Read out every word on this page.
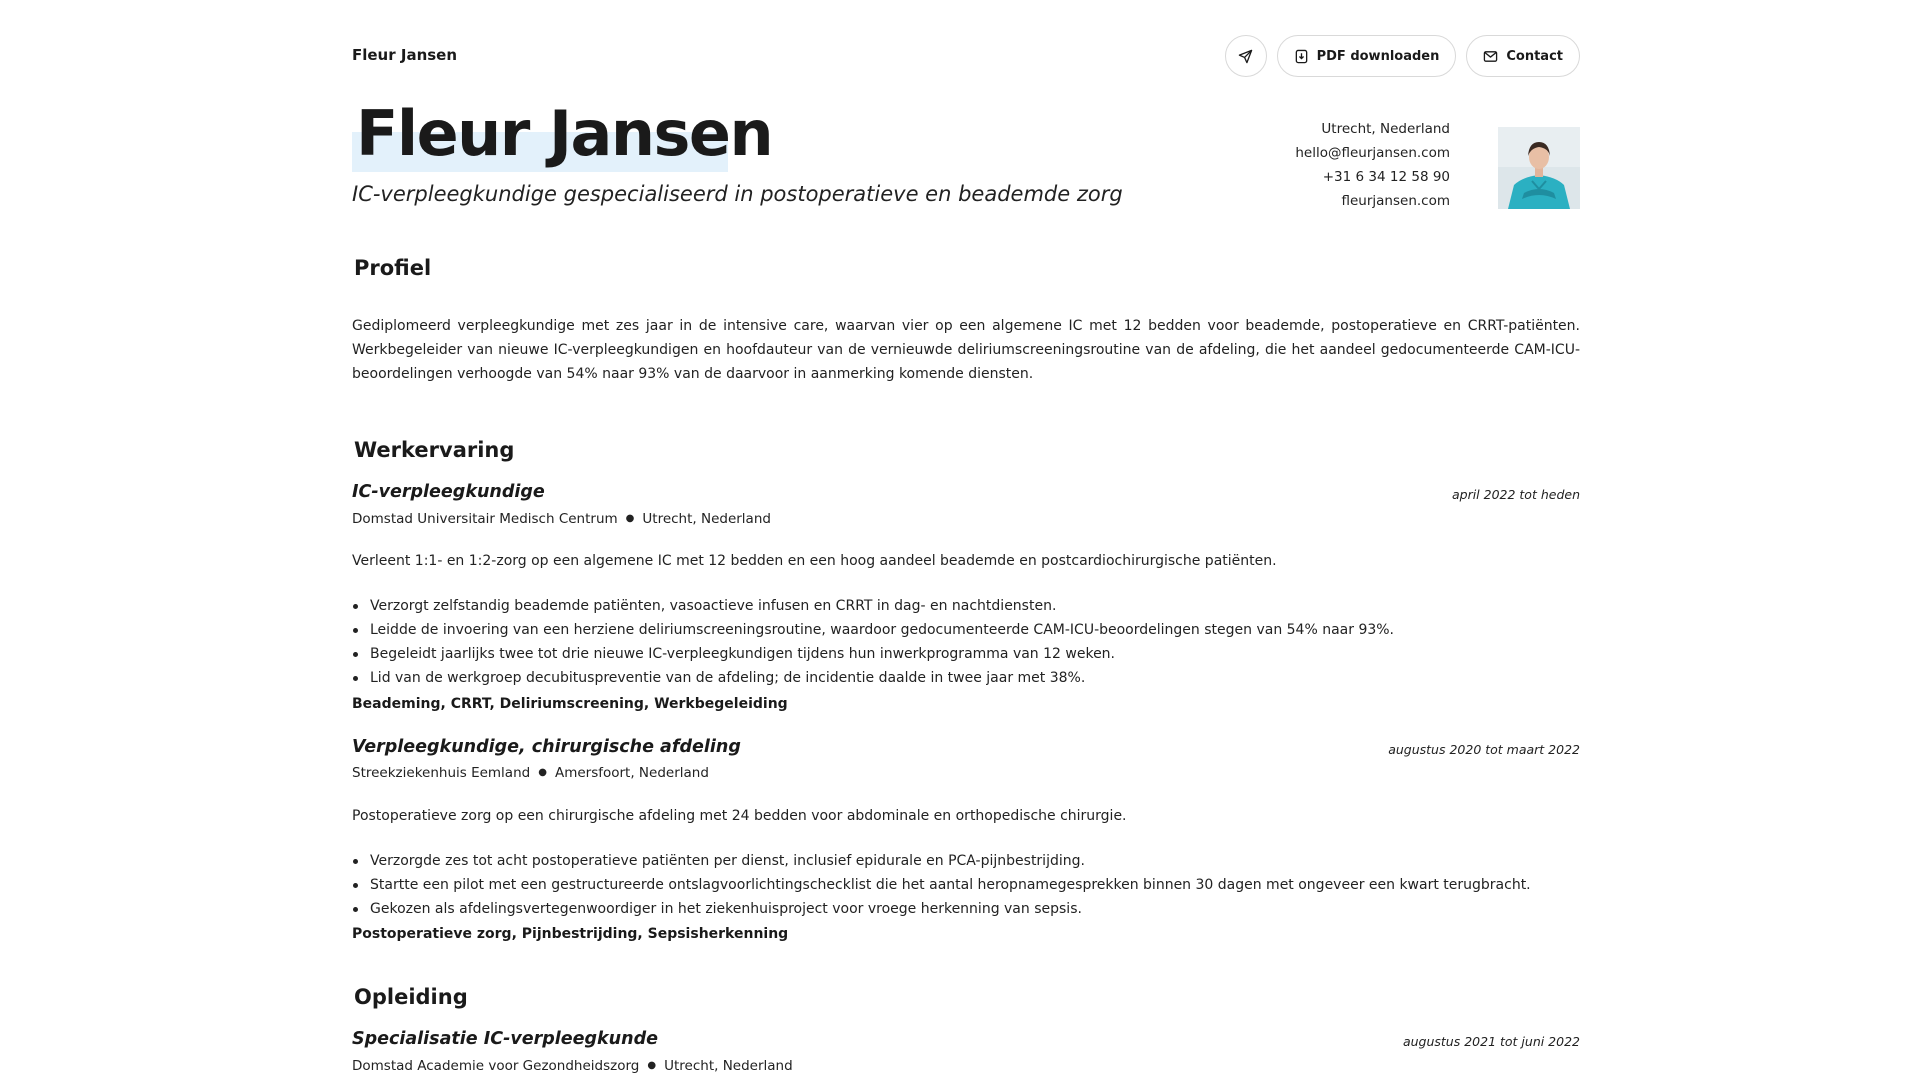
Fleur Jansen	PDF downloaden	Contact
Fleur Jansen
IC-verpleegkundige gespecialiseerd in postoperatieve en beademde zorg
Utrecht, Nederland
hello@fleurjansen.com
+31 6 34 12 58 90
fleurjansen.com
Profiel

Gediplomeerd verpleegkundige met zes jaar in de intensive care, waarvan vier op een algemene IC met 12 bedden voor beademde, postoperatieve en CRRT-patiënten. Werkbegeleider van nieuwe IC-verpleegkundigen en hoofdauteur van de vernieuwde deliriumscreeningsroutine van de afdeling, die het aandeel gedocumenteerde CAM-ICU-beoordelingen verhoogde van 54% naar 93% van de daarvoor in aanmerking komende diensten.

Werkervaring
IC-verpleegkundige	april 2022 tot heden
Domstad Universitair Medisch Centrum ● Utrecht, Nederland
Verleent 1:1- en 1:2-zorg op een algemene IC met 12 bedden en een hoog aandeel beademde en postcardiochirurgische patiënten.
Verzorgt zelfstandig beademde patiënten, vasoactieve infusen en CRRT in dag- en nachtdiensten.
Leidde de invoering van een herziene deliriumscreeningsroutine, waardoor gedocumenteerde CAM-ICU-beoordelingen stegen van 54% naar 93%.
Begeleidt jaarlijks twee tot drie nieuwe IC-verpleegkundigen tijdens hun inwerkprogramma van 12 weken.
Lid van de werkgroep decubituspreventie van de afdeling; de incidentie daalde in twee jaar met 38%.
Beademing, CRRT, Deliriumscreening, Werkbegeleiding
Verpleegkundige, chirurgische afdeling	augustus 2020 tot maart 2022
Streekziekenhuis Eemland ● Amersfoort, Nederland
Postoperatieve zorg op een chirurgische afdeling met 24 bedden voor abdominale en orthopedische chirurgie.
Verzorgde zes tot acht postoperatieve patiënten per dienst, inclusief epidurale en PCA-pijnbestrijding.
Startte een pilot met een gestructureerde ontslagvoorlichtingschecklist die het aantal heropnamegesprekken binnen 30 dagen met ongeveer een kwart terugbracht.
Gekozen als afdelingsvertegenwoordiger in het ziekenhuisproject voor vroege herkenning van sepsis.
Postoperatieve zorg, Pijnbestrijding, Sepsisherkenning
Opleiding
Specialisatie IC-verpleegkunde	augustus 2021 tot juni 2022
Domstad Academie voor Gezondheidszorg ● Utrecht, Nederland
